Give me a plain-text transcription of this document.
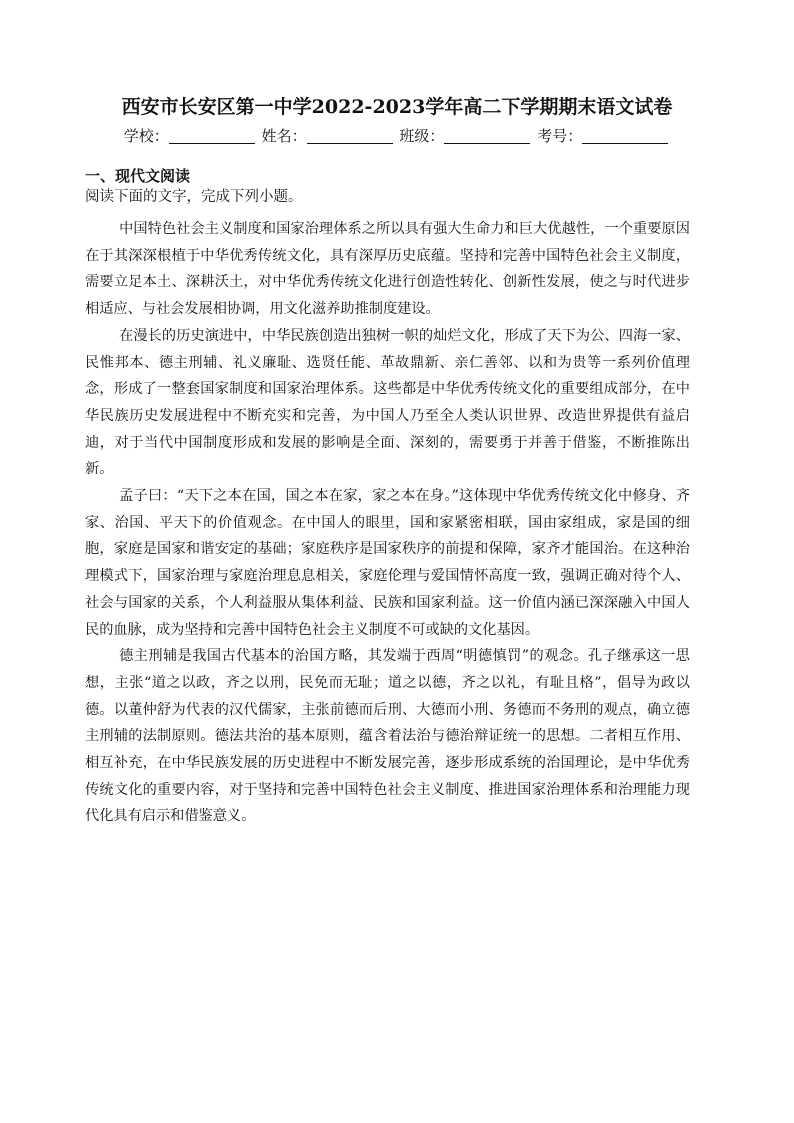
西安市长安区第一中学2022-2023学年高二下学期期末语文试卷
学校：	姓名：	班级：	考号：
一、现代文阅读
阅读下面的文字，完成下列小题。

中国特色社会主义制度和国家治理体系之所以具有强大生命力和巨大优越性，一个重要原因在于其深深根植于中华优秀传统文化，具有深厚历史底蕴。坚持和完善中国特色社会主义制度，需要立足本土、深耕沃土，对中华优秀传统文化进行创造性转化、创新性发展，使之与时代进步相适应、与社会发展相协调，用文化滋养助推制度建设。

在漫长的历史演进中，中华民族创造出独树一帜的灿烂文化，形成了天下为公、四海一家、民惟邦本、德主刑辅、礼义廉耻、选贤任能、革故鼎新、亲仁善邻、以和为贵等一系列价值理念，形成了一整套国家制度和国家治理体系。这些都是中华优秀传统文化的重要组成部分，在中华民族历史发展进程中不断充实和完善，为中国人乃至全人类认识世界、改造世界提供有益启迪，对于当代中国制度形成和发展的影响是全面、深刻的，需要勇于并善于借鉴，不断推陈出新。

孟子曰：“天下之本在国，国之本在家，家之本在身。”这体现中华优秀传统文化中修身、齐家、治国、平天下的价值观念。在中国人的眼里，国和家紧密相联，国由家组成，家是国的细胞，家庭是国家和谐安定的基础；家庭秩序是国家秩序的前提和保障，家齐才能国治。在这种治理模式下，国家治理与家庭治理息息相关，家庭伦理与爱国情怀高度一致，强调正确对待个人、社会与国家的关系，个人利益服从集体利益、民族和国家利益。这一价值内涵已深深融入中国人民的血脉，成为坚持和完善中国特色社会主义制度不可或缺的文化基因。

德主刑辅是我国古代基本的治国方略，其发端于西周“明德慎罚”的观念。孔子继承这一思想，主张“道之以政，齐之以刑，民免而无耻；道之以德，齐之以礼，有耻且格”，倡导为政以德。以董仲舒为代表的汉代儒家，主张前德而后刑、大德而小刑、务德而不务刑的观点，确立德主刑辅的法制原则。德法共治的基本原则，蕴含着法治与德治辩证统一的思想。二者相互作用、相互补充，在中华民族发展的历史进程中不断发展完善，逐步形成系统的治国理论，是中华优秀传统文化的重要内容，对于坚持和完善中国特色社会主义制度、推进国家治理体系和治理能力现代化具有启示和借鉴意义。
